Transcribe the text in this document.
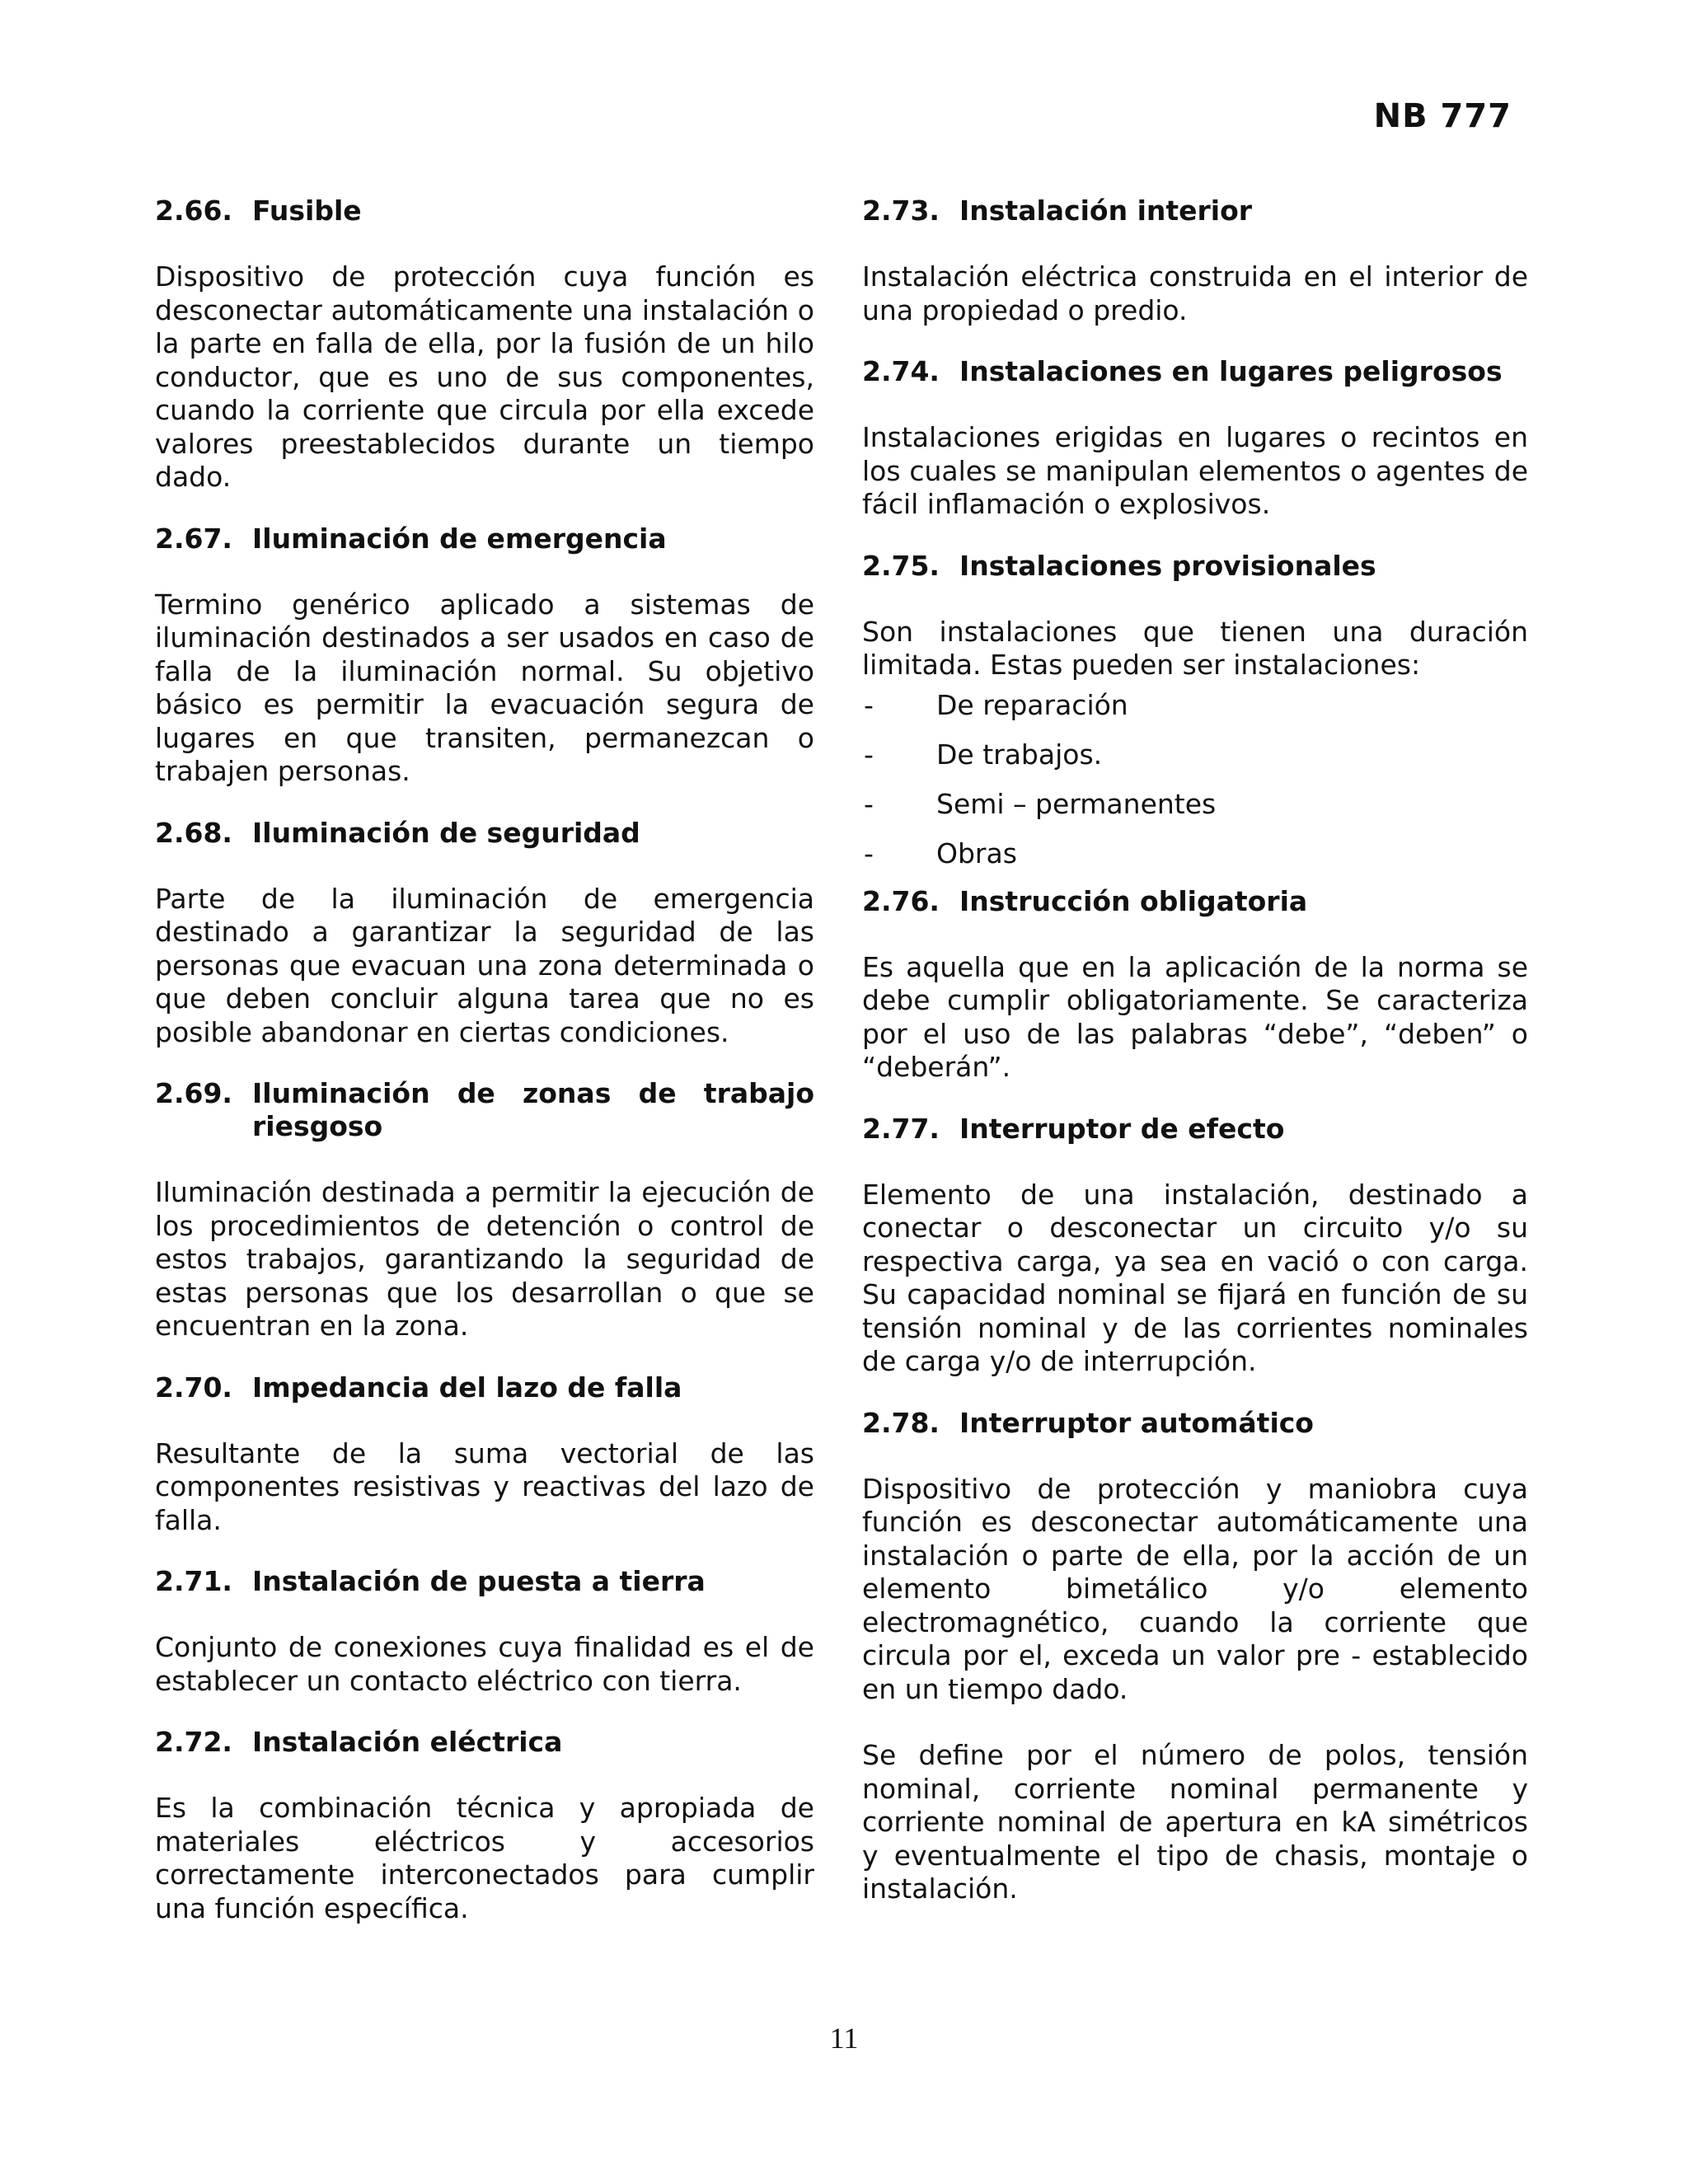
NB 777
2.66. Fusible
Dispositivo de protección cuya función es desconectar automáticamente una instalación o la parte en falla de ella, por la fusión de un hilo conductor, que es uno de sus componentes, cuando la corriente que circula por ella excede valores preestablecidos durante un tiempo dado.
2.67. Iluminación de emergencia
Termino genérico aplicado a sistemas de iluminación destinados a ser usados en caso de falla de la iluminación normal. Su objetivo básico es permitir la evacuación segura de lugares en que transiten, permanezcan o trabajen personas.
2.68. Iluminación de seguridad
Parte de la iluminación de emergencia destinado a garantizar la seguridad de las personas que evacuan una zona determinada o que deben concluir alguna tarea que no es posible abandonar en ciertas condiciones.
2.69. Iluminación de zonas de trabajo riesgoso
Iluminación destinada a permitir la ejecución de los procedimientos de detención o control de estos trabajos, garantizando la seguridad de estas personas que los desarrollan o que se encuentran en la zona.
2.70. Impedancia del lazo de falla
Resultante de la suma vectorial de las componentes resistivas y reactivas del lazo de falla.
2.71. Instalación de puesta a tierra
Conjunto de conexiones cuya finalidad es el de establecer un contacto eléctrico con tierra.
2.72. Instalación eléctrica
Es la combinación técnica y apropiada de materiales eléctricos y accesorios correctamente interconectados para cumplir una función específica.
2.73. Instalación interior
Instalación eléctrica construida en el interior de una propiedad o predio.
2.74. Instalaciones en lugares peligrosos
Instalaciones erigidas en lugares o recintos en los cuales se manipulan elementos o agentes de fácil inflamación o explosivos.
2.75. Instalaciones provisionales
Son instalaciones que tienen una duración limitada. Estas pueden ser instalaciones:
-	De reparación
-	De trabajos.
-	Semi – permanentes
-	Obras
2.76. Instrucción obligatoria
Es aquella que en la aplicación de la norma se debe cumplir obligatoriamente. Se caracteriza por el uso de las palabras “debe”, “deben” o “deberán”.
2.77. Interruptor de efecto
Elemento de una instalación, destinado a conectar o desconectar un circuito y/o su respectiva carga, ya sea en vació o con carga. Su capacidad nominal se fijará en función de su tensión nominal y de las corrientes nominales de carga y/o de interrupción.
2.78. Interruptor automático
Dispositivo de protección y maniobra cuya función es desconectar automáticamente una instalación o parte de ella, por la acción de un elemento bimetálico y/o elemento electromagnético, cuando la corriente que circula por el, exceda un valor pre - establecido en un tiempo dado.
Se define por el número de polos, tensión nominal, corriente nominal permanente y corriente nominal de apertura en kA simétricos y eventualmente el tipo de chasis, montaje o instalación.
11
